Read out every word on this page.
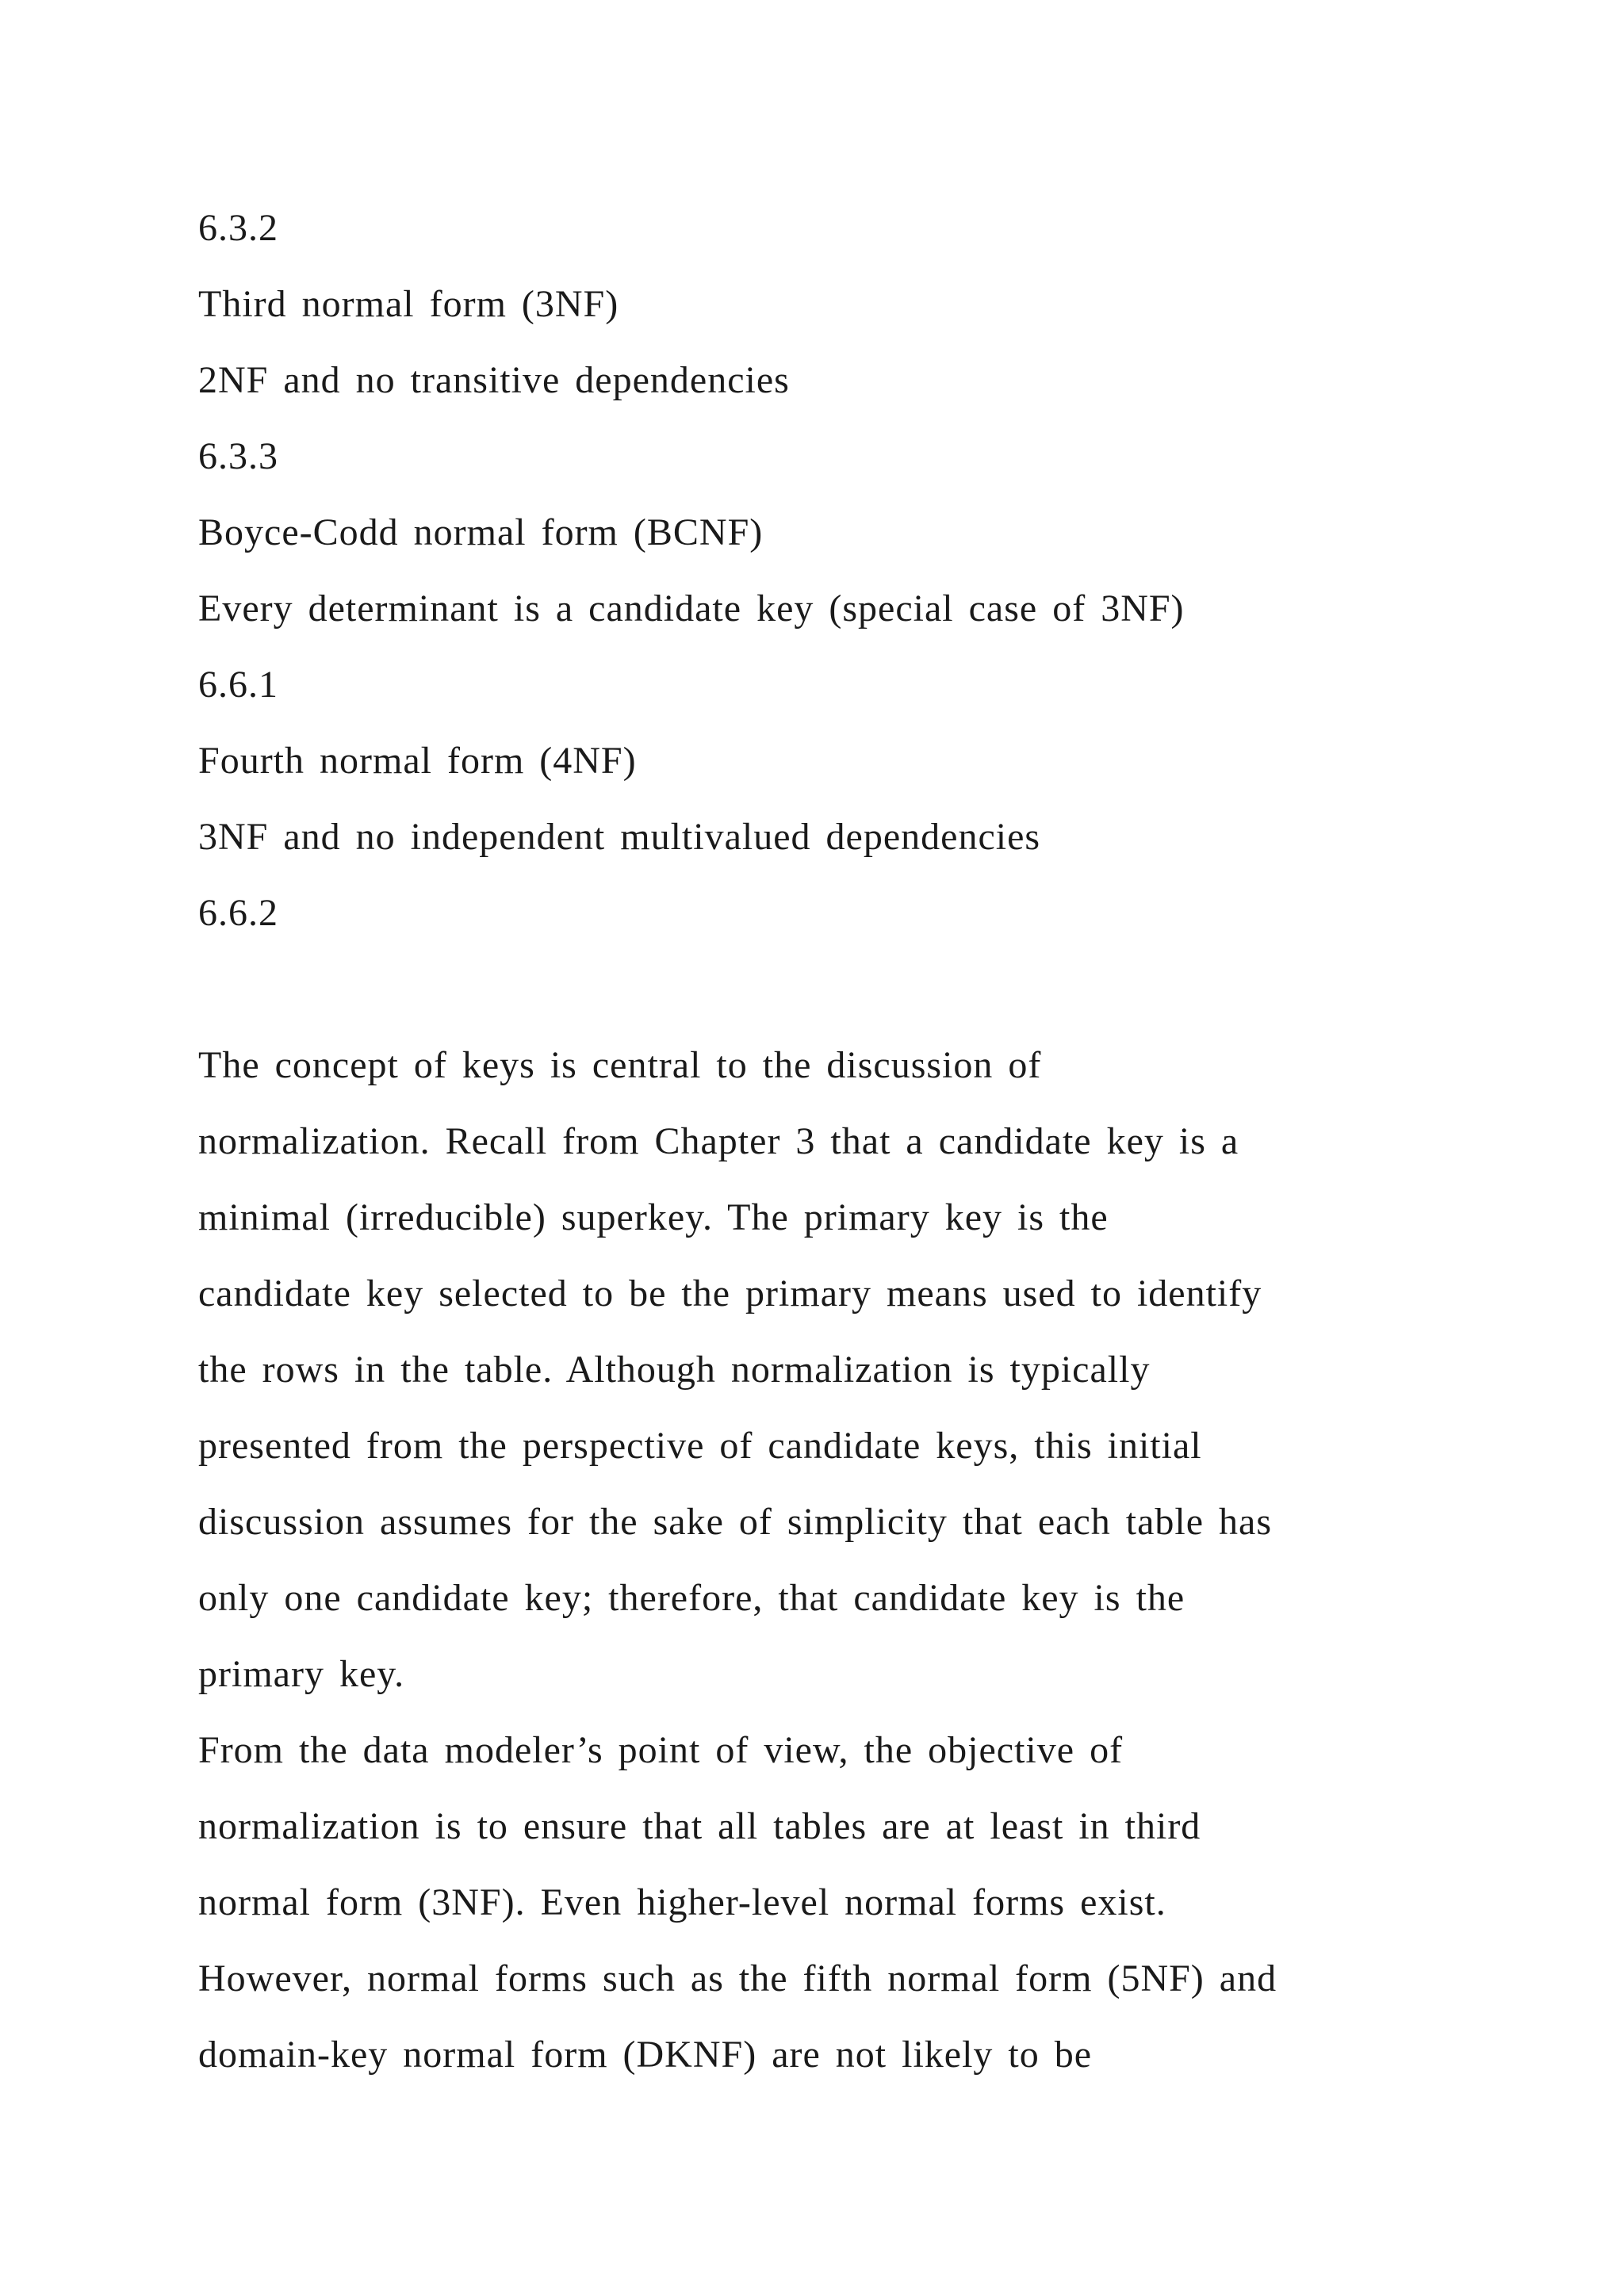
6.3.2
Third normal form (3NF)
2NF and no transitive dependencies
6.3.3
Boyce-Codd normal form (BCNF)
Every determinant is a candidate key (special case of 3NF)
6.6.1
Fourth normal form (4NF)
3NF and no independent multivalued dependencies
6.6.2
The concept of keys is central to the discussion of
normalization. Recall from Chapter 3 that a candidate key is a
minimal (irreducible) superkey. The primary key is the
candidate key selected to be the primary means used to identify
the rows in the table. Although normalization is typically
presented from the perspective of candidate keys, this initial
discussion assumes for the sake of simplicity that each table has
only one candidate key; therefore, that candidate key is the
primary key.
From the data modeler’s point of view, the objective of
normalization is to ensure that all tables are at least in third
normal form (3NF). Even higher-level normal forms exist.
However, normal forms such as the fifth normal form (5NF) and
domain-key normal form (DKNF) are not likely to be
